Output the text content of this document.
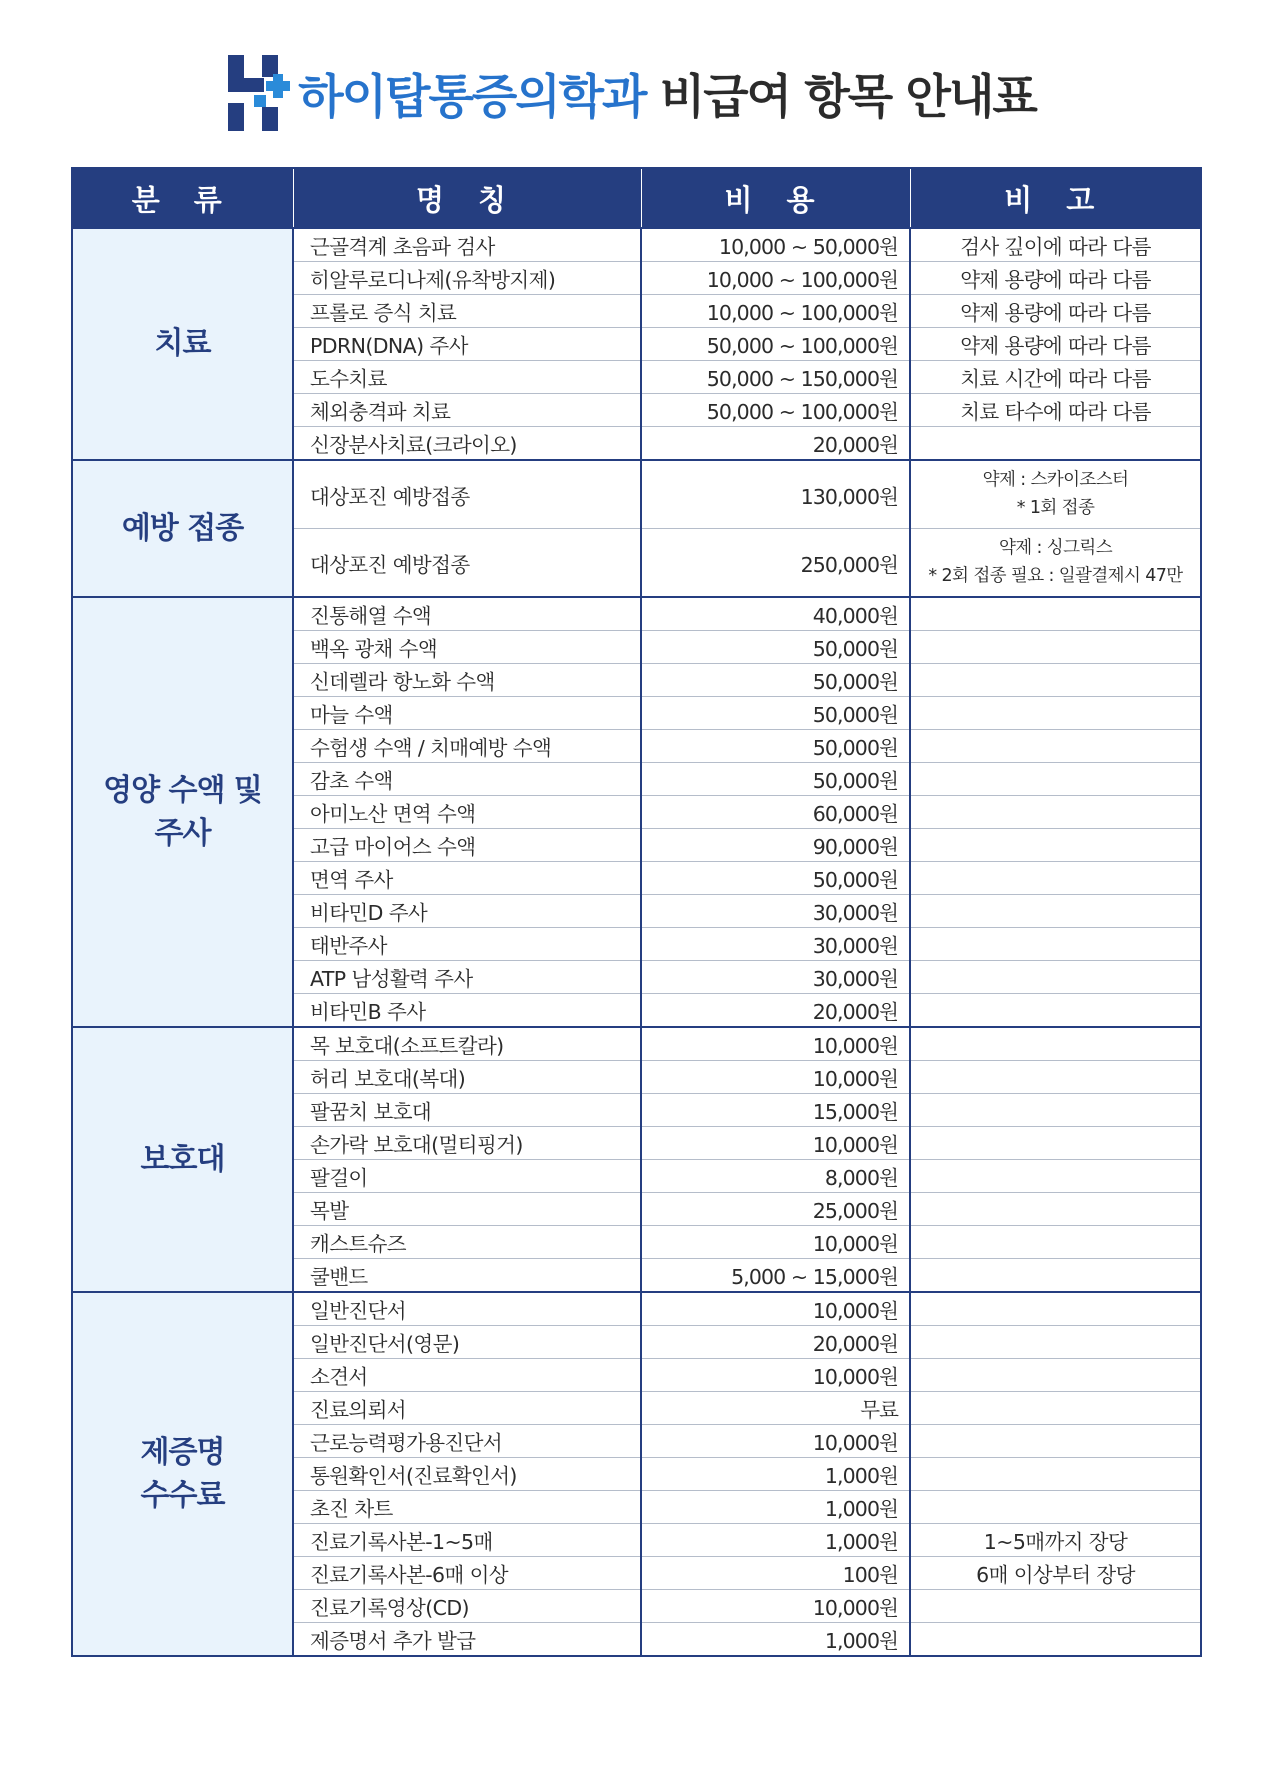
하이탑통증의학과 비급여 항목 안내표
분 류	명 칭	비 용	비 고

치료	근골격계 초음파 검사	10,000 ~ 50,000원	검사 깊이에 따라 다름

	히알루로디나제(유착방지제)	10,000 ~ 100,000원	약제 용량에 따라 다름

	프롤로 증식 치료	10,000 ~ 100,000원	약제 용량에 따라 다름

	PDRN(DNA) 주사	50,000 ~ 100,000원	약제 용량에 따라 다름

	도수치료	50,000 ~ 150,000원	치료 시간에 따라 다름

	체외충격파 치료	50,000 ~ 100,000원	치료 타수에 따라 다름

	신장분사치료(크라이오)	20,000원	

예방 접종	대상포진 예방접종	130,000원	약제 : 스카이조스터
* 1회 접종

	대상포진 예방접종	250,000원	약제 : 싱그릭스
* 2회 접종 필요 : 일괄결제시 47만

영양 수액 및
주사	진통해열 수액	40,000원	
	백옥 광채 수액	50,000원	
	신데렐라 항노화 수액	50,000원	
	마늘 수액	50,000원	
	수험생 수액 / 치매예방 수액	50,000원	
	감초 수액	50,000원	
	아미노산 면역 수액	60,000원	
	고급 마이어스 수액	90,000원	
	면역 주사	50,000원	
	비타민D 주사	30,000원	
	태반주사	30,000원	
	ATP 남성활력 주사	30,000원	
	비타민B 주사	20,000원	

보호대	목 보호대(소프트칼라)	10,000원	
	허리 보호대(복대)	10,000원	
	팔꿈치 보호대	15,000원	
	손가락 보호대(멀티핑거)	10,000원	
	팔걸이	8,000원	
	목발	25,000원	
	캐스트슈즈	10,000원	
	쿨밴드	5,000 ~ 15,000원	

제증명
수수료	일반진단서	10,000원	
	일반진단서(영문)	20,000원	
	소견서	10,000원	
	진료의뢰서	무료	
	근로능력평가용진단서	10,000원	
	통원확인서(진료확인서)	1,000원	
	초진 차트	1,000원	
	진료기록사본-1~5매	1,000원	1~5매까지 장당

	진료기록사본-6매 이상	100원	6매 이상부터 장당

	진료기록영상(CD)	10,000원	
	제증명서 추가 발급	1,000원	
